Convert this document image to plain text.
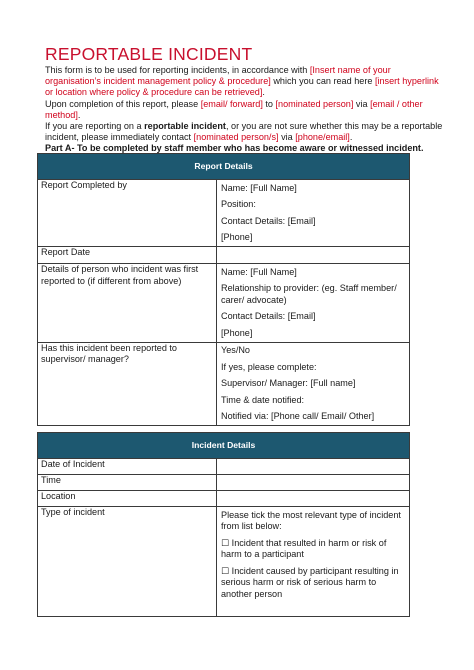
REPORTABLE INCIDENT

This form is to be used for reporting incidents, in accordance with [Insert name of your organisation’s incident management policy & procedure] which you can read here [insert hyperlink or location where policy & procedure can be retrieved].

Upon completion of this report, please [email/ forward] to [nominated person] via [email / other method].

If you are reporting on a reportable incident, or you are not sure whether this may be a reportable incident, please immediately contact [nominated person/s] via [phone/email].

Part A- To be completed by staff member who has become aware or witnessed incident.

Report Details	
Report Completed by	Name: [Full Name]
Position:
Contact Details: [Email]
[Phone]

Report Date	
Details of person who incident was first reported to (if different from above)	Name: [Full Name]
Relationship to provider: (eg. Staff member/ carer/ advocate)
Contact Details: [Email]
[Phone]

Has this incident been reported to supervisor/ manager?	Yes/No
If yes, please complete:
Supervisor/ Manager: [Full name]
Time & date notified:
Notified via: [Phone call/ Email/ Other]
Incident Details	
Date of Incident	
Time	
Location	
Type of incident	Please tick the most relevant type of incident from list below:
☐ Incident that resulted in harm or risk of harm to a participant
☐ Incident caused by participant resulting in serious harm or risk of serious harm to another person
